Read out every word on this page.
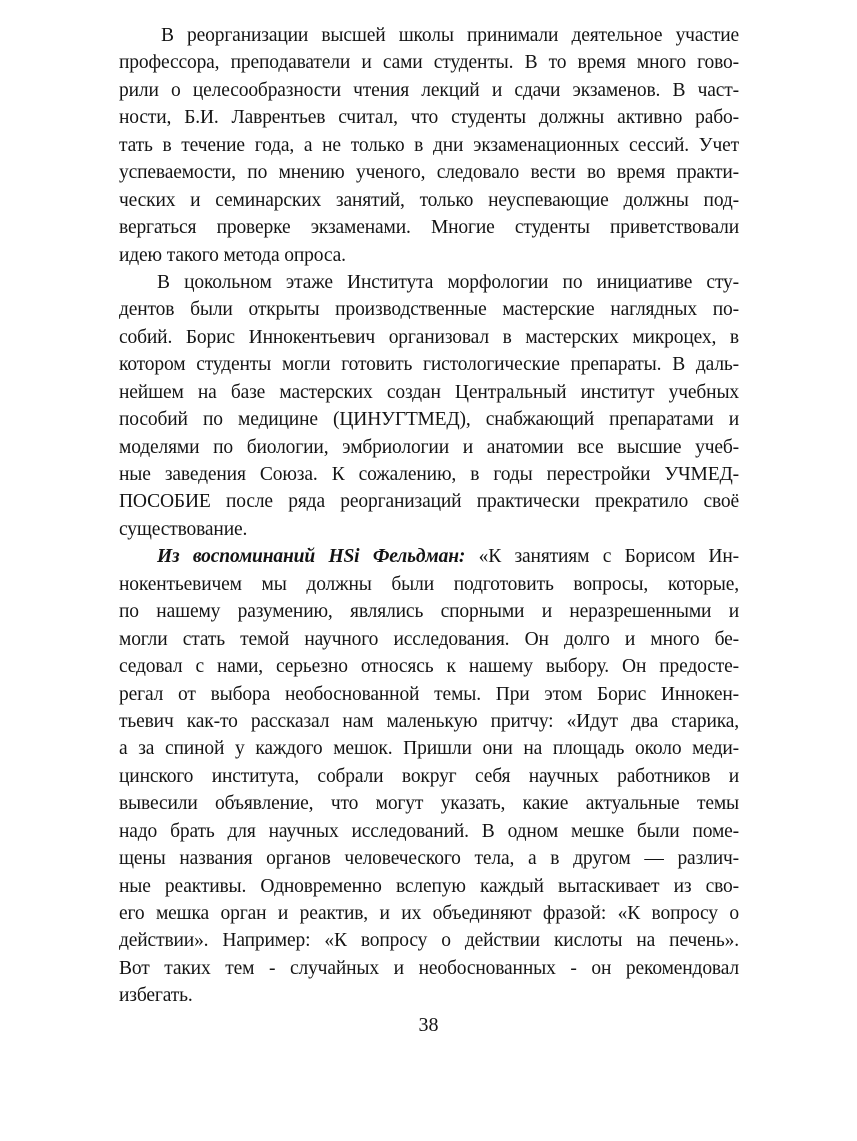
В реорганизации высшей школы принимали деятельное участие
профессора, преподаватели и сами студенты. В то время много гово-
рили о целесообразности чтения лекций и сдачи экзаменов. В част-
ности, Б.И. Лаврентьев считал, что студенты должны активно рабо-
тать в течение года, а не только в дни экзаменационных сессий. Учет
успеваемости, по мнению ученого, следовало вести во время практи-
ческих и семинарских занятий, только неуспевающие должны под-
вергаться проверке экзаменами. Многие студенты приветствовали
идею такого метода опроса.
В цокольном этаже Института морфологии по инициативе сту-
дентов были открыты производственные мастерские наглядных по-
собий. Борис Иннокентьевич организовал в мастерских микроцех, в
котором студенты могли готовить гистологические препараты. В даль-
нейшем на базе мастерских создан Центральный институт учебных
пособий по медицине (ЦИНУГТМЕД), снабжающий препаратами и
моделями по биологии, эмбриологии и анатомии все высшие учеб-
ные заведения Союза. К сожалению, в годы перестройки УЧМЕД-
ПОСОБИЕ после ряда реорганизаций практически прекратило своё
существование.
Из воспоминаний HSi Фельдман: «К занятиям с Борисом Ин-
нокентьевичем мы должны были подготовить вопросы, которые,
по нашему разумению, являлись спорными и неразрешенными и
могли стать темой научного исследования. Он долго и много бе-
седовал с нами, серьезно относясь к нашему выбору. Он предосте-
регал от выбора необоснованной темы. При этом Борис Иннокен-
тьевич как-то рассказал нам маленькую притчу: «Идут два старика,
а за спиной у каждого мешок. Пришли они на площадь около меди-
цинского института, собрали вокруг себя научных работников и
вывесили объявление, что могут указать, какие актуальные темы
надо брать для научных исследований. В одном мешке были поме-
щены названия органов человеческого тела, а в другом — различ-
ные реактивы. Одновременно вслепую каждый вытаскивает из сво-
его мешка орган и реактив, и их объединяют фразой: «К вопросу о
действии». Например: «К вопросу о действии кислоты на печень».
Вот таких тем - случайных и необоснованных - он рекомендовал
избегать.
38
